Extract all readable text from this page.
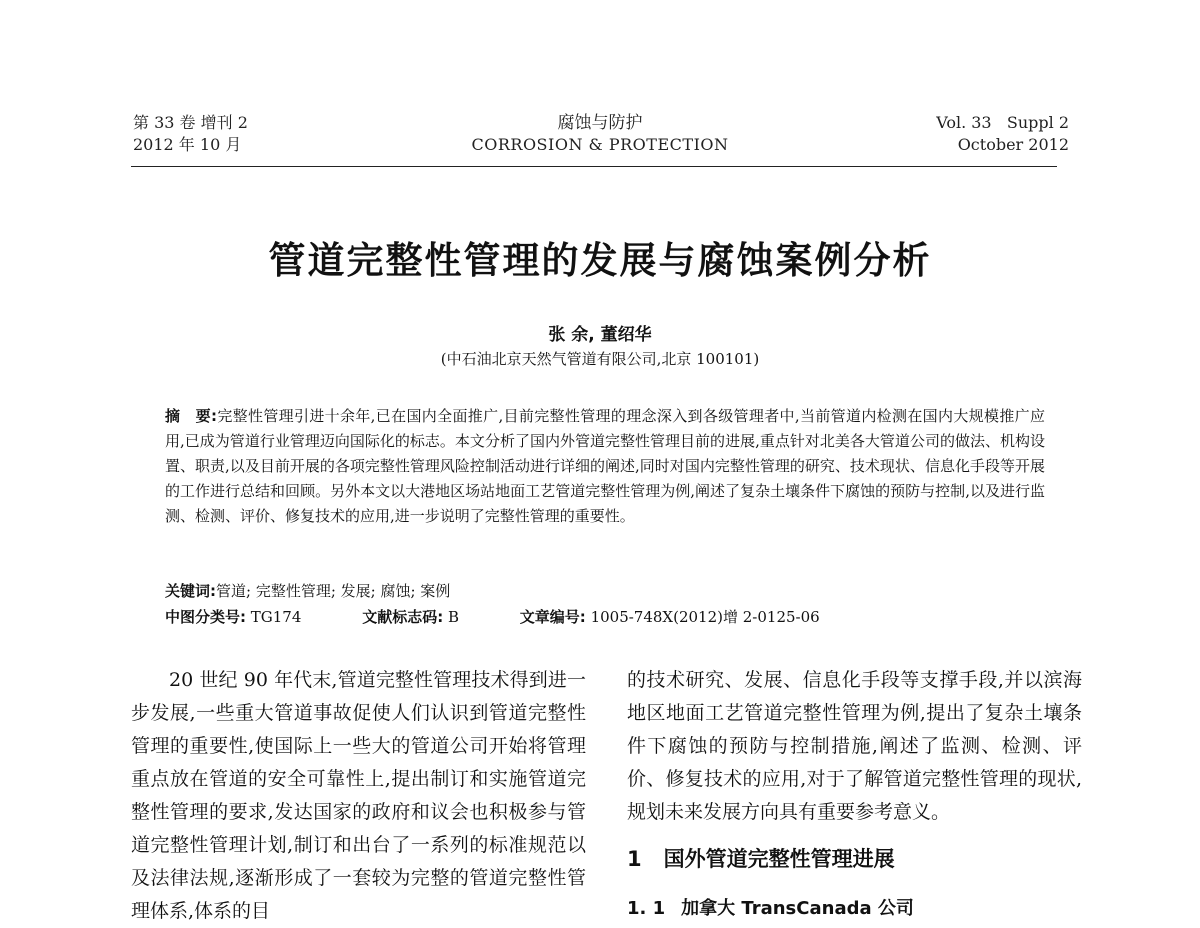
第 33 卷 增刊 2
2012 年 10 月
腐蚀与防护
CORROSION & PROTECTION
Vol. 33   Suppl 2
October 2012
管道完整性管理的发展与腐蚀案例分析
张 余, 董绍华
(中石油北京天然气管道有限公司,北京 100101)
摘　要:完整性管理引进十余年,已在国内全面推广,目前完整性管理的理念深入到各级管理者中,当前管道内检测在国内大规模推广应用,已成为管道行业管理迈向国际化的标志。本文分析了国内外管道完整性管理目前的进展,重点针对北美各大管道公司的做法、机构设置、职责,以及目前开展的各项完整性管理风险控制活动进行详细的阐述,同时对国内完整性管理的研究、技术现状、信息化手段等开展的工作进行总结和回顾。另外本文以大港地区场站地面工艺管道完整性管理为例,阐述了复杂土壤条件下腐蚀的预防与控制,以及进行监测、检测、评价、修复技术的应用,进一步说明了完整性管理的重要性。
关键词:管道; 完整性管理; 发展; 腐蚀; 案例
中图分类号: TG174	文献标志码: B	文章编号: 1005-748X(2012)增 2-0125-06
20 世纪 90 年代末,管道完整性管理技术得到进一步发展,一些重大管道事故促使人们认识到管道完整性管理的重要性,使国际上一些大的管道公司开始将管理重点放在管道的安全可靠性上,提出制订和实施管道完整性管理的要求,发达国家的政府和议会也积极参与管道完整性管理计划,制订和出台了一系列的标准规范以及法律法规,逐渐形成了一套较为完整的管道完整性管理体系,体系的目
的技术研究、发展、信息化手段等支撑手段,并以滨海地区地面工艺管道完整性管理为例,提出了复杂土壤条件下腐蚀的预防与控制措施,阐述了监测、检测、评价、修复技术的应用,对于了解管道完整性管理的现状,规划未来发展方向具有重要参考意义。
1 国外管道完整性管理进展
1. 1 加拿大 TransCanada 公司
